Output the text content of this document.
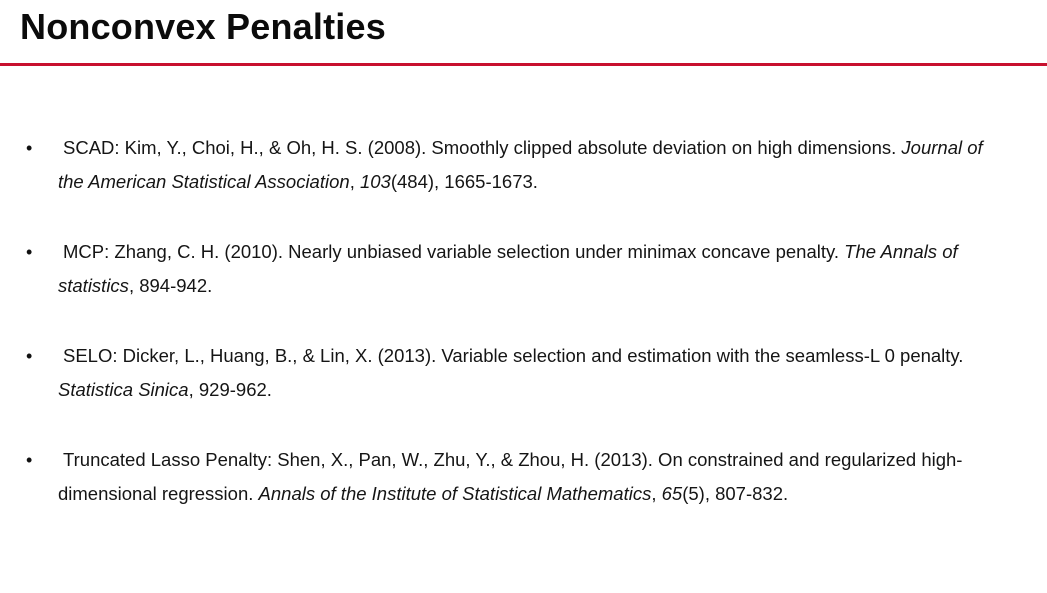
Nonconvex Penalties
• SCAD: Kim, Y., Choi, H., & Oh, H. S. (2008). Smoothly clipped absolute deviation on high dimensions. Journal of
the American Statistical Association, 103(484), 1665-1673.
• MCP: Zhang, C. H. (2010). Nearly unbiased variable selection under minimax concave penalty. The Annals of
statistics, 894-942.
• SELO: Dicker, L., Huang, B., & Lin, X. (2013). Variable selection and estimation with the seamless-L 0 penalty.
Statistica Sinica, 929-962.
• Truncated Lasso Penalty: Shen, X., Pan, W., Zhu, Y., & Zhou, H. (2013). On constrained and regularized high-
dimensional regression. Annals of the Institute of Statistical Mathematics, 65(5), 807-832.
